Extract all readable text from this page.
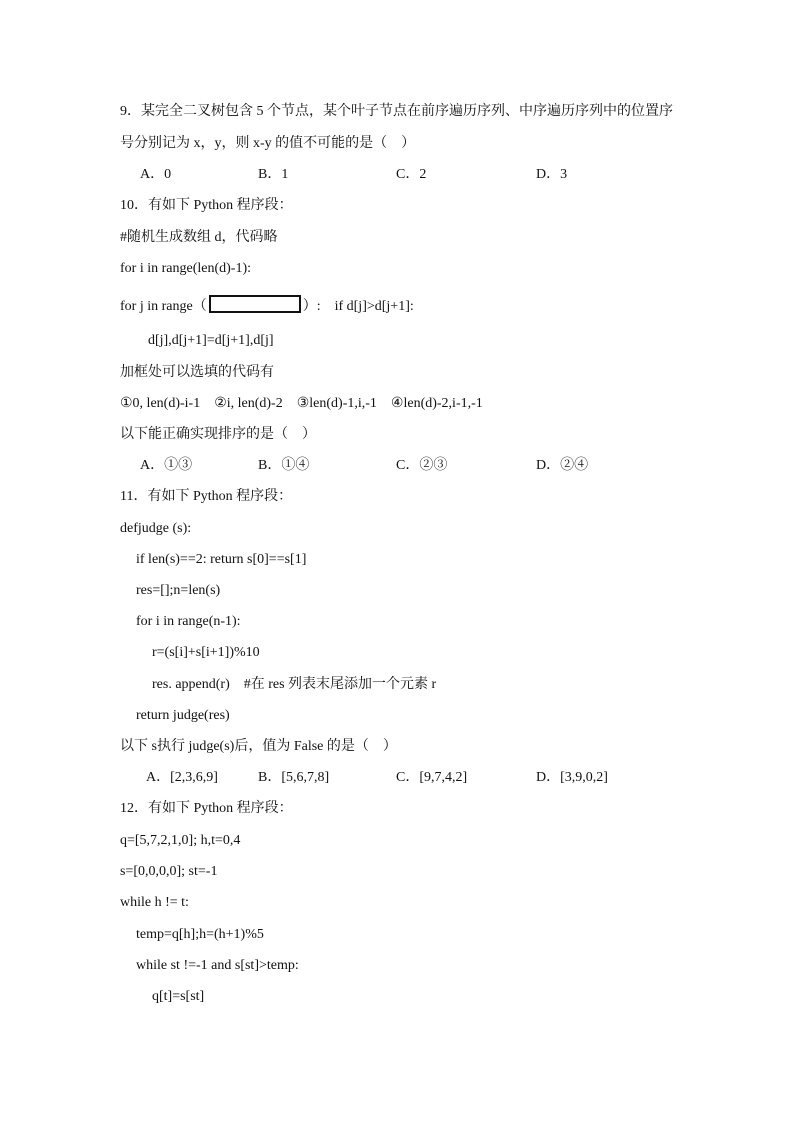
9．某完全二叉树包含 5 个节点，某个叶子节点在前序遍历序列、中序遍历序列中的位置序
号分别记为 x，y，则 x-y 的值不可能的是（　）
A．0	B．1	C．2	D．3
10．有如下 Python 程序段：
#随机生成数组 d，代码略
for i in range(len(d)-1):
for j in range（	）:　if d[j]>d[j+1]:
d[j],d[j+1]=d[j+1],d[j]
加框处可以选填的代码有
①0, len(d)-i-1　②i, len(d)-2　③len(d)-1,i,-1　④len(d)-2,i-1,-1
以下能正确实现排序的是（　）
A．①③	B．①④	C．②③	D．②④
11．有如下 Python 程序段：
defjudge (s):
if len(s)==2: return s[0]==s[1]
res=[];n=len(s)
for i in range(n-1):
r=(s[i]+s[i+1])%10
res. append(r)　#在 res 列表末尾添加一个元素 r
return judge(res)
以下 s执行 judge(s)后，值为 False 的是（　）
A．[2,3,6,9]	B．[5,6,7,8]	C．[9,7,4,2]	D．[3,9,0,2]
12．有如下 Python 程序段：
q=[5,7,2,1,0]; h,t=0,4
s=[0,0,0,0]; st=-1
while h != t:
temp=q[h];h=(h+1)%5
while st !=-1 and s[st]>temp:
q[t]=s[st]
